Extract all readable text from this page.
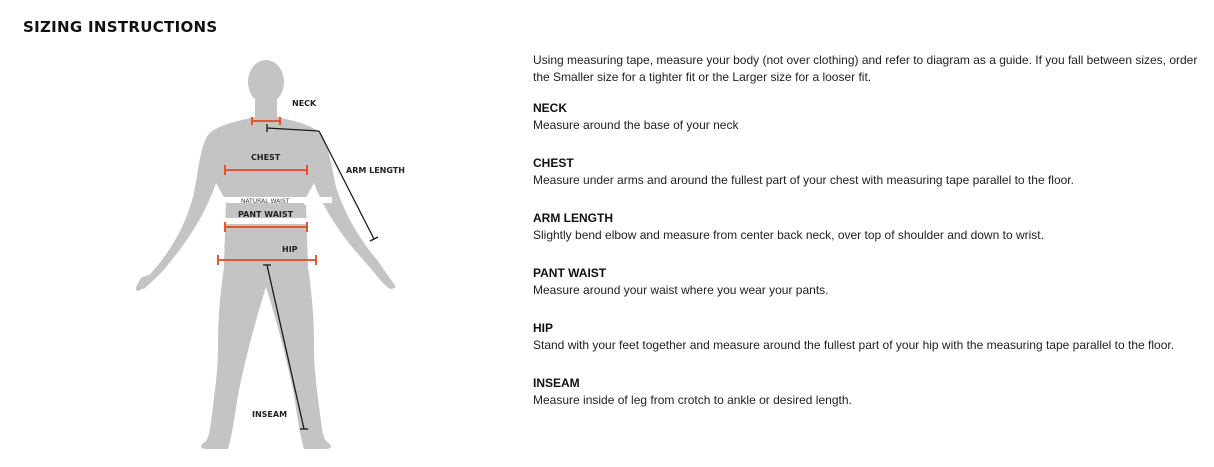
SIZING INSTRUCTIONS
NECK
CHEST
ARM LENGTH
NATURAL WAIST
PANT WAIST
HIP
INSEAM

Using measuring tape, measure your body (not over clothing) and refer to diagram as a guide. If you fall between sizes, order the Smaller size for a tighter fit or the Larger size for a looser fit.

NECK

Measure around the base of your neck

CHEST

Measure under arms and around the fullest part of your chest with measuring tape parallel to the floor.

ARM LENGTH

Slightly bend elbow and measure from center back neck, over top of shoulder and down to wrist.

PANT WAIST

Measure around your waist where you wear your pants.

HIP

Stand with your feet together and measure around the fullest part of your hip with the measuring tape parallel to the floor.

INSEAM

Measure inside of leg from crotch to ankle or desired length.
